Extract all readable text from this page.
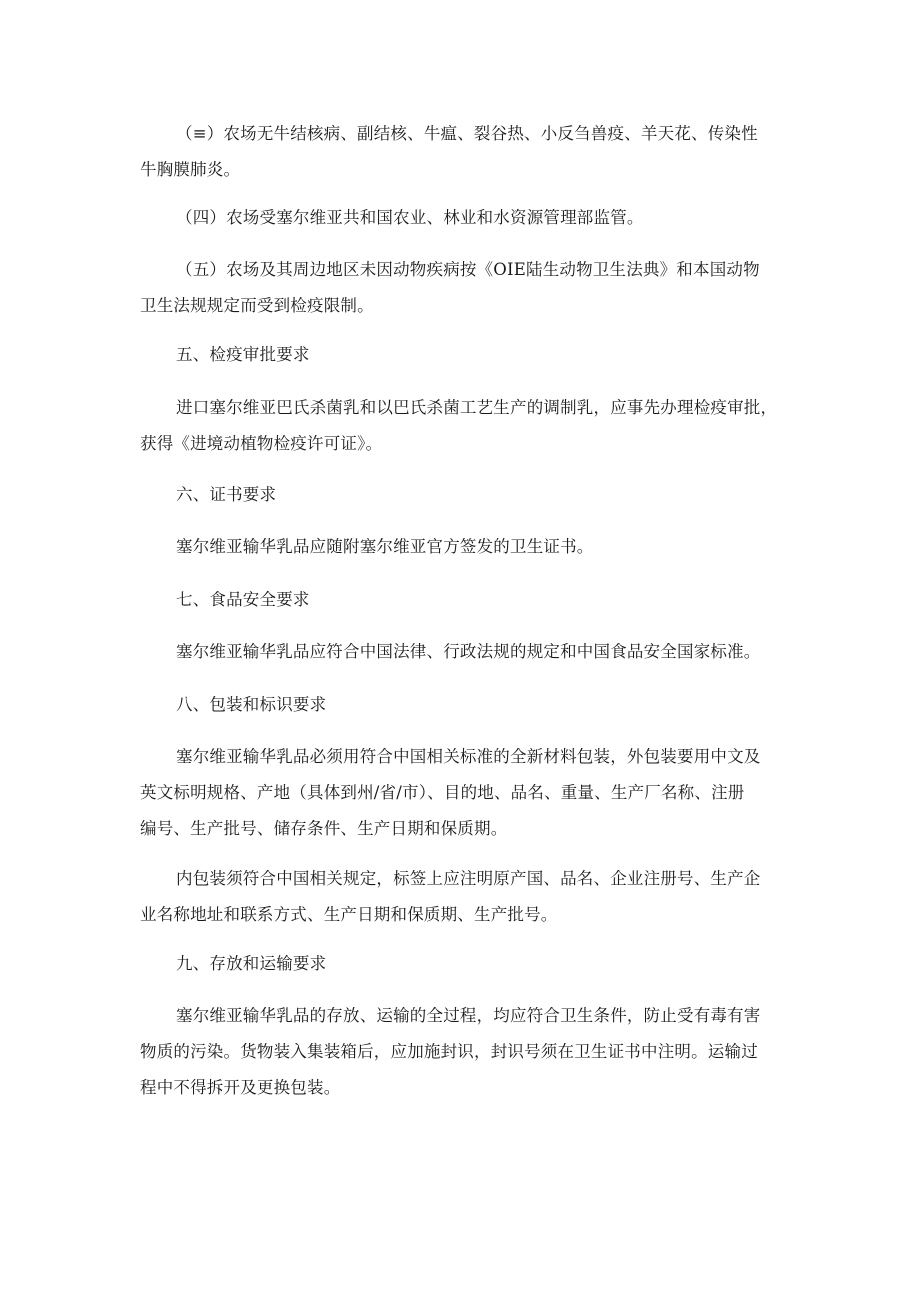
（≡）农场无牛结核病、副结核、牛瘟、裂谷热、小反刍兽疫、羊天花、传染性
牛胸膜肺炎。
（四）农场受塞尔维亚共和国农业、林业和水资源管理部监管。
（五）农场及其周边地区未因动物疾病按《OIE陆生动物卫生法典》和本国动物
卫生法规规定而受到检疫限制。
五、检疫审批要求
进口塞尔维亚巴氏杀菌乳和以巴氏杀菌工艺生产的调制乳，应事先办理检疫审批，
获得《进境动植物检疫许可证》。
六、证书要求
塞尔维亚输华乳品应随附塞尔维亚官方签发的卫生证书。
七、食品安全要求
塞尔维亚输华乳品应符合中国法律、行政法规的规定和中国食品安全国家标准。
八、包装和标识要求
塞尔维亚输华乳品必须用符合中国相关标准的全新材料包装，外包装要用中文及
英文标明规格、产地（具体到州/省/市）、目的地、品名、重量、生产厂名称、注册
编号、生产批号、储存条件、生产日期和保质期。
内包装须符合中国相关规定，标签上应注明原产国、品名、企业注册号、生产企
业名称地址和联系方式、生产日期和保质期、生产批号。
九、存放和运输要求
塞尔维亚输华乳品的存放、运输的全过程，均应符合卫生条件，防止受有毒有害
物质的污染。货物装入集装箱后，应加施封识，封识号须在卫生证书中注明。运输过
程中不得拆开及更换包装。
